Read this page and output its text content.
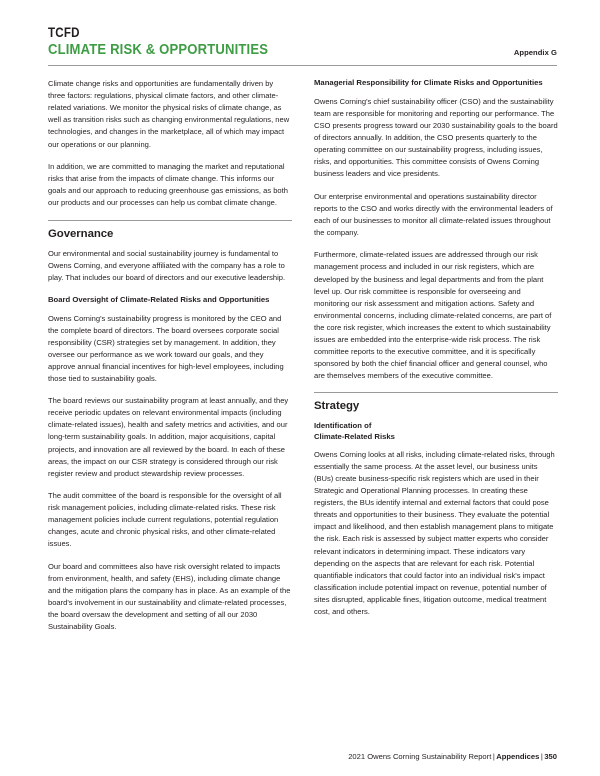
TCFD
CLIMATE RISK & OPPORTUNITIES	Appendix G

Climate change risks and opportunities are fundamentally driven by three factors: regulations, physical climate factors, and other climate-related variations. We monitor the physical risks of climate change, as well as transition risks such as changing environmental regulations, new technologies, and changes in the marketplace, all of which may impact our operations or our planning.

In addition, we are committed to managing the market and reputational risks that arise from the impacts of climate change. This informs our goals and our approach to reducing greenhouse gas emissions, as both our products and our processes can help us combat climate change.

Governance

Our environmental and social sustainability journey is fundamental to Owens Corning, and everyone affiliated with the company has a role to play. That includes our board of directors and our executive leadership.

Board Oversight of Climate-Related Risks and Opportunities

Owens Corning's sustainability progress is monitored by the CEO and the complete board of directors. The board oversees corporate social responsibility (CSR) strategies set by management. In addition, they oversee our performance as we work toward our goals, and they approve annual financial incentives for high-level employees, including those tied to sustainability goals.

The board reviews our sustainability program at least annually, and they receive periodic updates on relevant environmental impacts (including climate-related issues), health and safety metrics and activities, and our long-term sustainability goals. In addition, major acquisitions, capital projects, and innovation are all reviewed by the board. In each of these areas, the impact on our CSR strategy is considered through our risk register review and product stewardship review processes.

The audit committee of the board is responsible for the oversight of all risk management policies, including climate-related risks. These risk management policies include current regulations, potential regulation changes, acute and chronic physical risks, and other climate-related issues.

Our board and committees also have risk oversight related to impacts from environment, health, and safety (EHS), including climate change and the mitigation plans the company has in place. As an example of the board's involvement in our sustainability and climate-related processes, the board oversaw the development and setting of all our 2030 Sustainability Goals.

Managerial Responsibility for Climate Risks and Opportunities

Owens Corning's chief sustainability officer (CSO) and the sustainability team are responsible for monitoring and reporting our performance. The CSO presents progress toward our 2030 sustainability goals to the board of directors annually. In addition, the CSO presents quarterly to the operating committee on our sustainability progress, including issues, risks, and opportunities. This committee consists of Owens Corning business leaders and vice presidents.

Our enterprise environmental and operations sustainability director reports to the CSO and works directly with the environmental leaders of each of our businesses to monitor all climate-related issues throughout the company.

Furthermore, climate-related issues are addressed through our risk management process and included in our risk registers, which are developed by the business and legal departments and from the plant level up. Our risk committee is responsible for overseeing and monitoring our risk assessment and mitigation actions. Safety and environmental concerns, including climate-related concerns, are part of the core risk register, which increases the extent to which sustainability issues are embedded into the enterprise-wide risk process. The risk committee reports to the executive committee, and it is specifically sponsored by both the chief financial officer and general counsel, who are themselves members of the executive committee.

Strategy
Identification of
Climate-Related Risks

Owens Corning looks at all risks, including climate-related risks, through essentially the same process. At the asset level, our business units (BUs) create business-specific risk registers which are used in their Strategic and Operational Planning processes. In creating these registers, the BUs identify internal and external factors that could pose threats and opportunities to their business. They evaluate the potential impact and likelihood, and then establish management plans to mitigate the risk. Each risk is assessed by subject matter experts who consider relevant indicators in determining impact. These indicators vary depending on the aspects that are relevant for each risk. Potential quantifiable indicators that could factor into an individual risk's impact classification include potential impact on revenue, potential number of sites disrupted, applicable fines, litigation outcome, medical treatment cost, and others.

2021 Owens Corning Sustainability Report | Appendices | 350
